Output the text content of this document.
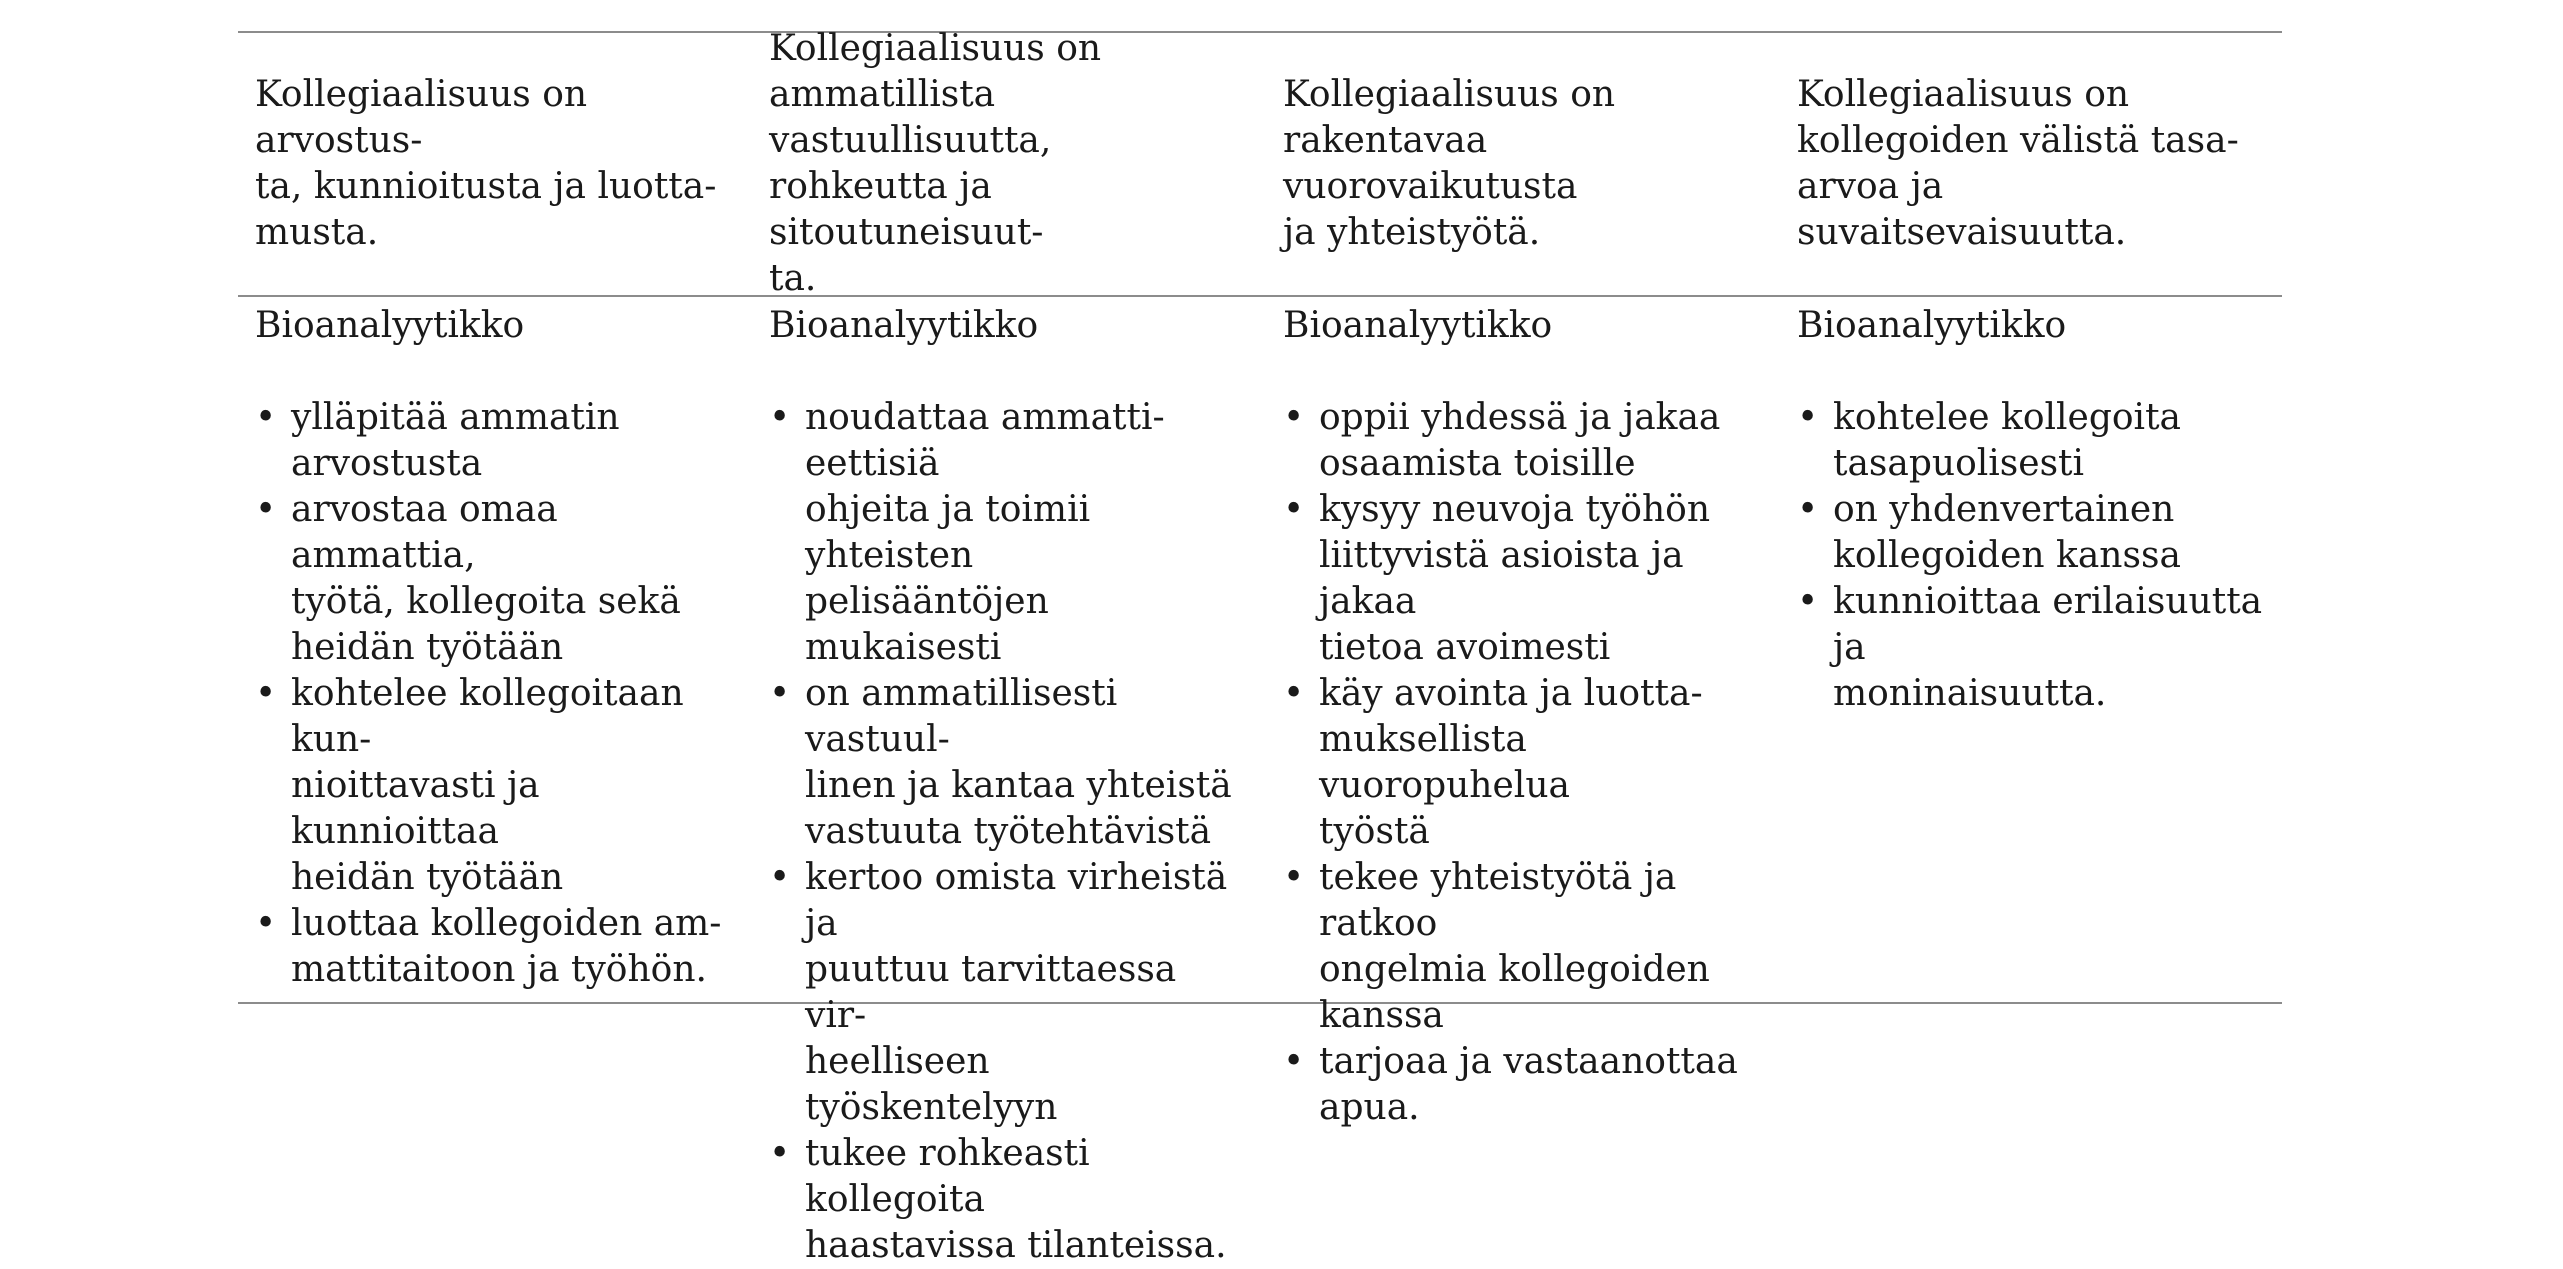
Kollegiaalisuus on arvostus-
ta, kunnioitusta ja luotta-
musta.

Kollegiaalisuus on
ammatillista vastuullisuutta,
rohkeutta ja sitoutuneisuut-
ta.

Kollegiaalisuus on
rakentavaa vuorovaikutusta
ja yhteistyötä.

Kollegiaalisuus on
kollegoiden välistä tasa-
arvoa ja suvaitsevaisuutta.

Bioanalyytikko

• ylläpitää ammatin
arvostusta
• arvostaa omaa ammattia,
työtä, kollegoita sekä
heidän työtään
• kohtelee kollegoitaan kun-
nioittavasti ja kunnioittaa
heidän työtään
• luottaa kollegoiden am-
mattitaitoon ja työhön.

Bioanalyytikko

• noudattaa ammattieettisiä
ohjeita ja toimii yhteisten
pelisääntöjen mukaisesti
• on ammatillisesti vastuul-
linen ja kantaa yhteistä
vastuuta työtehtävistä
• kertoo omista virheistä ja
puuttuu tarvittaessa vir-
heelliseen työskentelyyn
• tukee rohkeasti kollegoita
haastavissa tilanteissa.

Bioanalyytikko

• oppii yhdessä ja jakaa
osaamista toisille
• kysyy neuvoja työhön
liittyvistä asioista ja jakaa
tietoa avoimesti
• käy avointa ja luotta-
muksellista vuoropuhelua
työstä
• tekee yhteistyötä ja ratkoo
ongelmia kollegoiden
kanssa
• tarjoaa ja vastaanottaa
apua.

Bioanalyytikko

• kohtelee kollegoita
tasapuolisesti
• on yhdenvertainen
kollegoiden kanssa
• kunnioittaa erilaisuutta ja
moninaisuutta.
